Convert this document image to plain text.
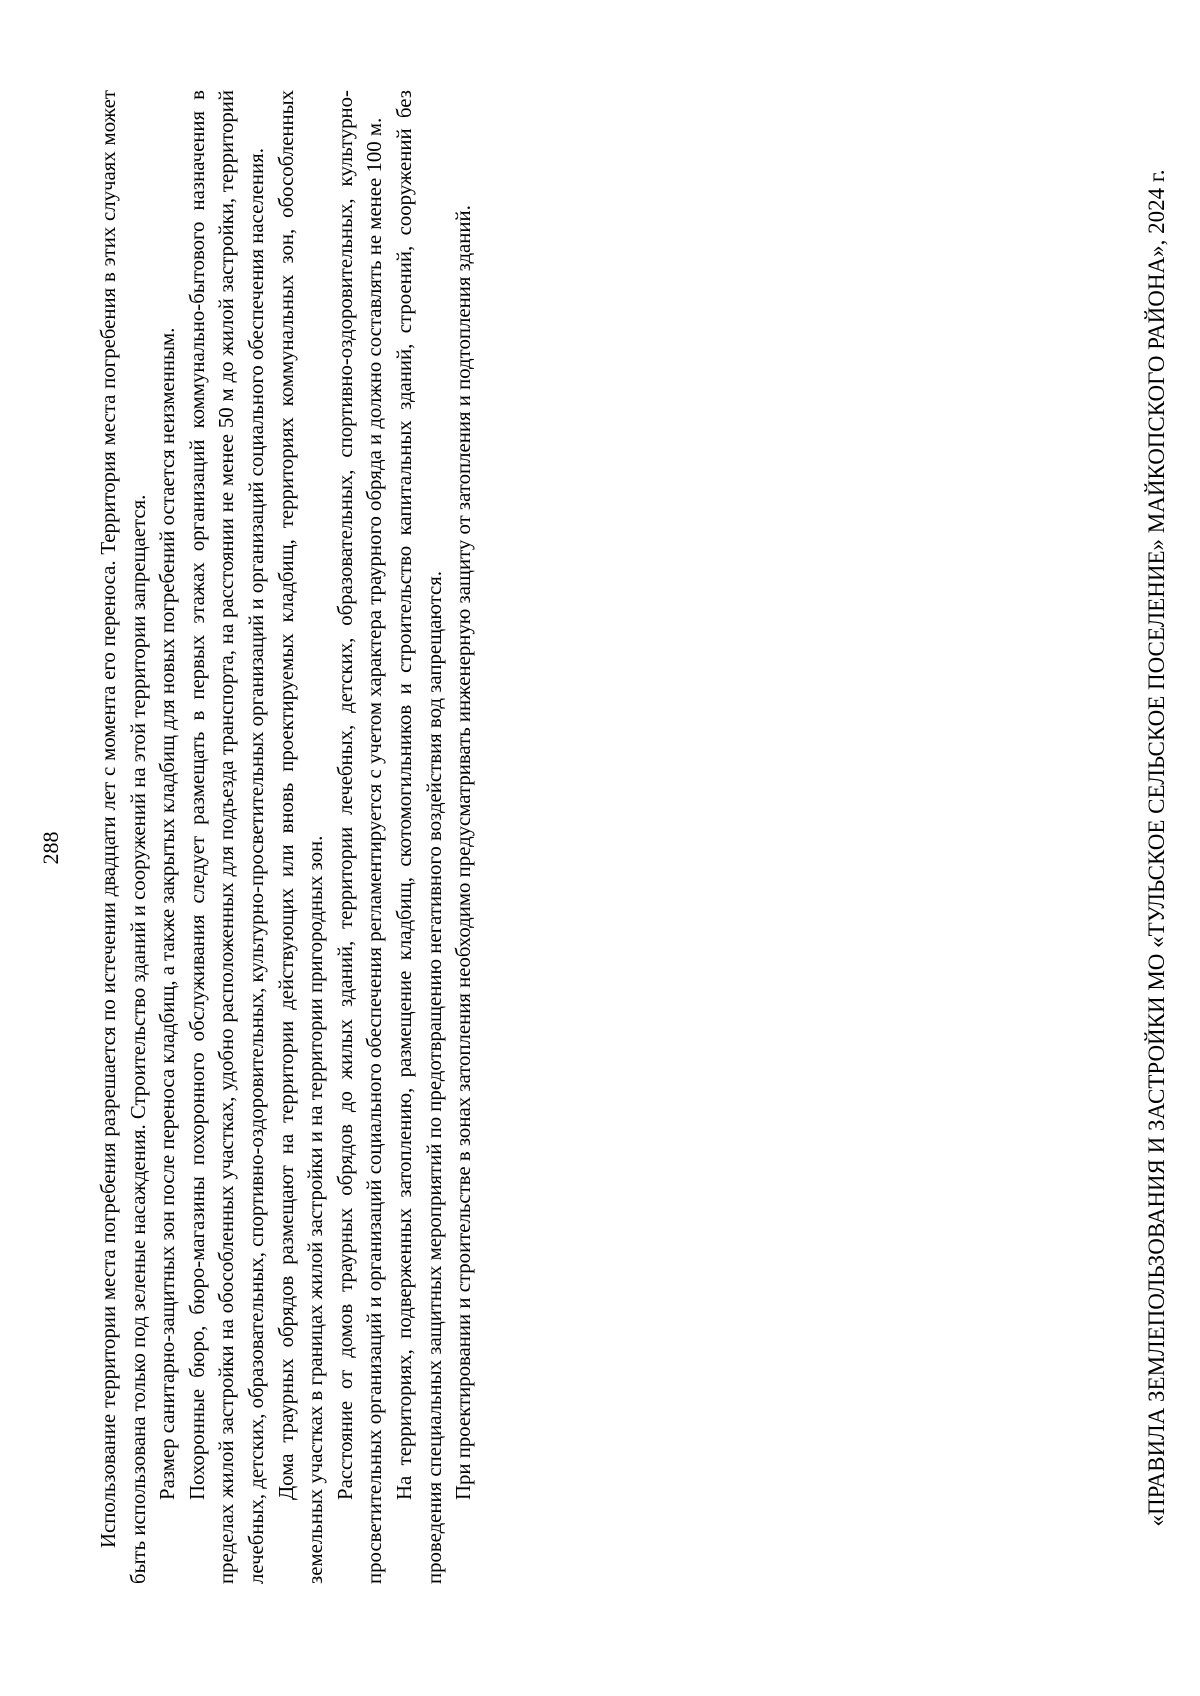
288 Использование территории места погребения разрешается по истечении двадцати лет с момента его переноса. Территория места погребения в этих случаях может быть использована только под зеленые насаждения. Строительство зданий и сооружений на этой территории запрещается. Размер санитарно-защитных зон после переноса кладбищ, а также закрытых кладбищ для новых погребений остается неизменным. Похоронные бюро, бюро-магазины похоронного обслуживания следует размещать в первых этажах организаций коммунально-бытового назначения в пределах жилой застройки на обособленных участках, удобно расположенных для подъезда транспорта, на расстоянии не менее 50 м до жилой застройки, территорий лечебных, детских, образовательных, спортивно-оздоровительных, культурно-просветительных организаций и организаций социального обеспечения населения. Дома траурных обрядов размещают на территории действующих или вновь проектируемых кладбищ, территориях коммунальных зон, обособленных земельных участках в границах жилой застройки и на территории пригородных зон. Расстояние от домов траурных обрядов до жилых зданий, территории лечебных, детских, образовательных, спортивно-оздоровительных, культурно-просветительных организаций и организаций социального обеспечения регламентируется с учетом характера траурного обряда и должно составлять не менее 100 м. На территориях, подверженных затоплению, размещение кладбищ, скотомогильников и строительство капитальных зданий, строений, сооружений без проведения специальных защитных мероприятий по предотвращению негативного воздействия вод запрещаются. При проектировании и строительстве в зонах затопления необходимо предусматривать инженерную защиту от затопления и подтопления зданий.	«ПРАВИЛА ЗЕМЛЕПОЛЬЗОВАНИЯ И ЗАСТРОЙКИ МО «ТУЛЬСКОЕ СЕЛЬСКОЕ ПОСЕЛЕНИЕ» МАЙКОПСКОГО РАЙОНА», 2024 г.
